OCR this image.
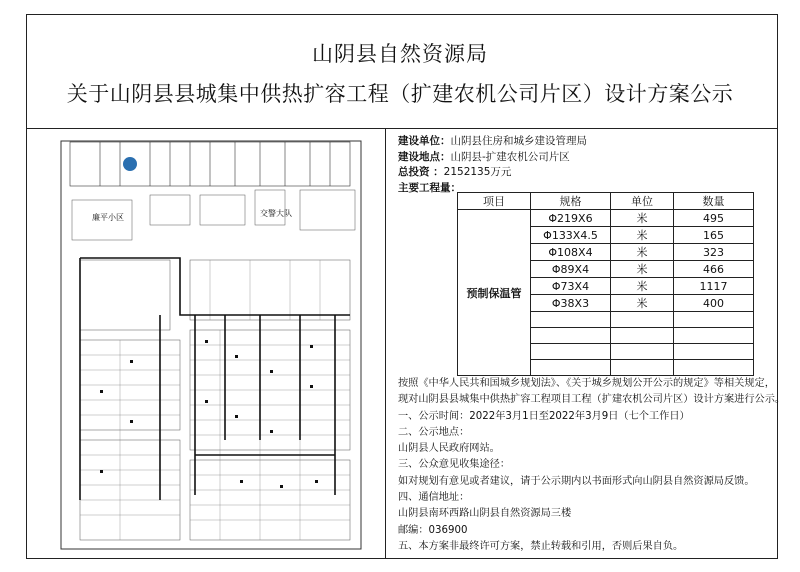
山阴县自然资源局
关于山阴县县城集中供热扩容工程（扩建农机公司片区）设计方案公示
廉平小区	交警大队
建设单位：山阴县住房和城乡建设管理局
建设地点：山阴县-扩建农机公司片区
总投资 ：2152135万元
主要工程量：
项目	规格	单位	数量
预制保温管	Φ219X6	米	495
	Φ133X4.5	米	165
	Φ108X4	米	323
	Φ89X4	米	466
	Φ73X4	米	1117
	Φ38X3	米	400

按照《中华人民共和国城乡规划法》、《关于城乡规划公开公示的规定》等相关规定，
现对山阴县县城集中供热扩容工程项目工程（扩建农机公司片区）设计方案进行公示。
一、公示时间：2022年3月1日至2022年3月9日（七个工作日）
二、公示地点：
山阴县人民政府网站。
三、公众意见收集途径：
如对规划有意见或者建议，请于公示期内以书面形式向山阴县自然资源局反馈。
四、通信地址：
山阴县南环西路山阴县自然资源局三楼
邮编：036900
五、本方案非最终许可方案，禁止转载和引用，否则后果自负。
